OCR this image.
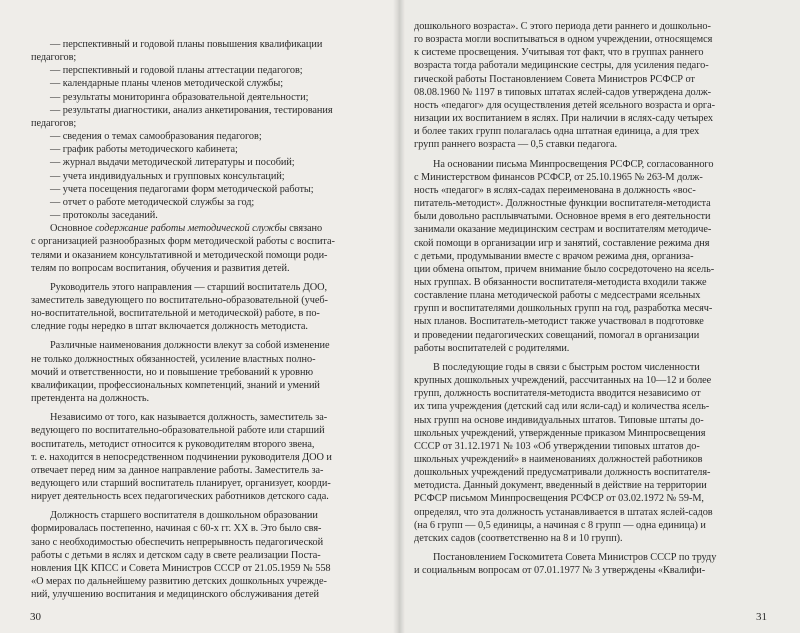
— перспективный и годовой планы повышения квалификации
педагогов;
— перспективный и годовой планы аттестации педагогов;
— календарные планы членов методической службы;
— результаты мониторинга образовательной деятельности;
— результаты диагностики, анализ анкетирования, тестирования
педагогов;
— сведения о темах самообразования педагогов;
— график работы методического кабинета;
— журнал выдачи методической литературы и пособий;
— учета индивидуальных и групповых консультаций;
— учета посещения педагогами форм методической работы;
— отчет о работе методической службы за год;
— протоколы заседаний.
Основное содержание работы методической службы связано
с организацией разнообразных форм методической работы с воспита-
телями и оказанием консультативной и методической помощи роди-
телям по вопросам воспитания, обучения и развития детей.
Руководитель этого направления — старший воспитатель ДОО,
заместитель заведующего по воспитательно-образовательной (учеб-
но-воспитательной, воспитательной и методической) работе, в по-
следние годы нередко в штат включается должность методиста.
Различные наименования должности влекут за собой изменение
не только должностных обязанностей, усиление властных полно-
мочий и ответственности, но и повышение требований к уровню
квалификации, профессиональных компетенций, знаний и умений
претендента на должность.
Независимо от того, как называется должность, заместитель за-
ведующего по воспитательно-образовательной работе или старший
воспитатель, методист относится к руководителям второго звена,
т. е. находится в непосредственном подчинении руководителя ДОО и
отвечает перед ним за данное направление работы. Заместитель за-
ведующего или старший воспитатель планирует, организует, коорди-
нирует деятельность всех педагогических работников детского сада.
Должность старшего воспитателя в дошкольном образовании
формировалась постепенно, начиная с 60-х гг. XX в. Это было свя-
зано с необходимостью обеспечить непрерывность педагогической
работы с детьми в яслях и детском саду в свете реализации Поста-
новления ЦК КПСС и Совета Министров СССР от 21.05.1959 № 558
«О мерах по дальнейшему развитию детских дошкольных учрежде-
ний, улучшению воспитания и медицинского обслуживания детей
30
дошкольного возраста». С этого периода дети раннего и дошкольно-
го возраста могли воспитываться в одном учреждении, относящемся
к системе просвещения. Учитывая тот факт, что в группах раннего
возраста тогда работали медицинские сестры, для усиления педаго-
гической работы Постановлением Совета Министров РСФСР от
08.08.1960 № 1197 в типовых штатах яслей-садов утверждена долж-
ность «педагог» для осуществления детей ясельного возраста и орга-
низации их воспитанием в яслях. При наличии в яслях-саду четырех
и более таких групп полагалась одна штатная единица, а для трех
групп раннего возраста — 0,5 ставки педагога.
На основании письма Минпросвещения РСФСР, согласованного
с Министерством финансов РСФСР, от 25.10.1965 № 263-М долж-
ность «педагог» в яслях-садах переименована в должность «вос-
питатель-методист». Должностные функции воспитателя-методиста
были довольно расплывчатыми. Основное время в его деятельности
занимали оказание медицинским сестрам и воспитателям методиче-
ской помощи в организации игр и занятий, составление режима дня
с детьми, продумывании вместе с врачом режима дня, организа-
ции обмена опытом, причем внимание было сосредоточено на ясель-
ных группах. В обязанности воспитателя-методиста входили также
составление плана методической работы с медсестрами ясельных
групп и воспитателями дошкольных групп на год, разработка месяч-
ных планов. Воспитатель-методист также участвовал в подготовке
и проведении педагогических совещаний, помогал в организации
работы воспитателей с родителями.
В последующие годы в связи с быстрым ростом численности
крупных дошкольных учреждений, рассчитанных на 10—12 и более
групп, должность воспитателя-методиста вводится независимо от
их типа учреждения (детский сад или ясли-сад) и количества ясель-
ных групп на основе индивидуальных штатов. Типовые штаты до-
школьных учреждений, утвержденные приказом Минпросвещения
СССР от 31.12.1971 № 103 «Об утверждении типовых штатов до-
школьных учреждений» в наименованиях должностей работников
дошкольных учреждений предусматривали должность воспитателя-
методиста. Данный документ, введенный в действие на территории
РСФСР письмом Минпросвещения РСФСР от 03.02.1972 № 59-М,
определял, что эта должность устанавливается в штатах яслей-садов
(на 6 групп — 0,5 единицы, а начиная с 8 групп — одна единица) и
детских садов (соответственно на 8 и 10 групп).
Постановлением Госкомитета Совета Министров СССР по труду
и социальным вопросам от 07.01.1977 № 3 утверждены «Квалифи-
31
